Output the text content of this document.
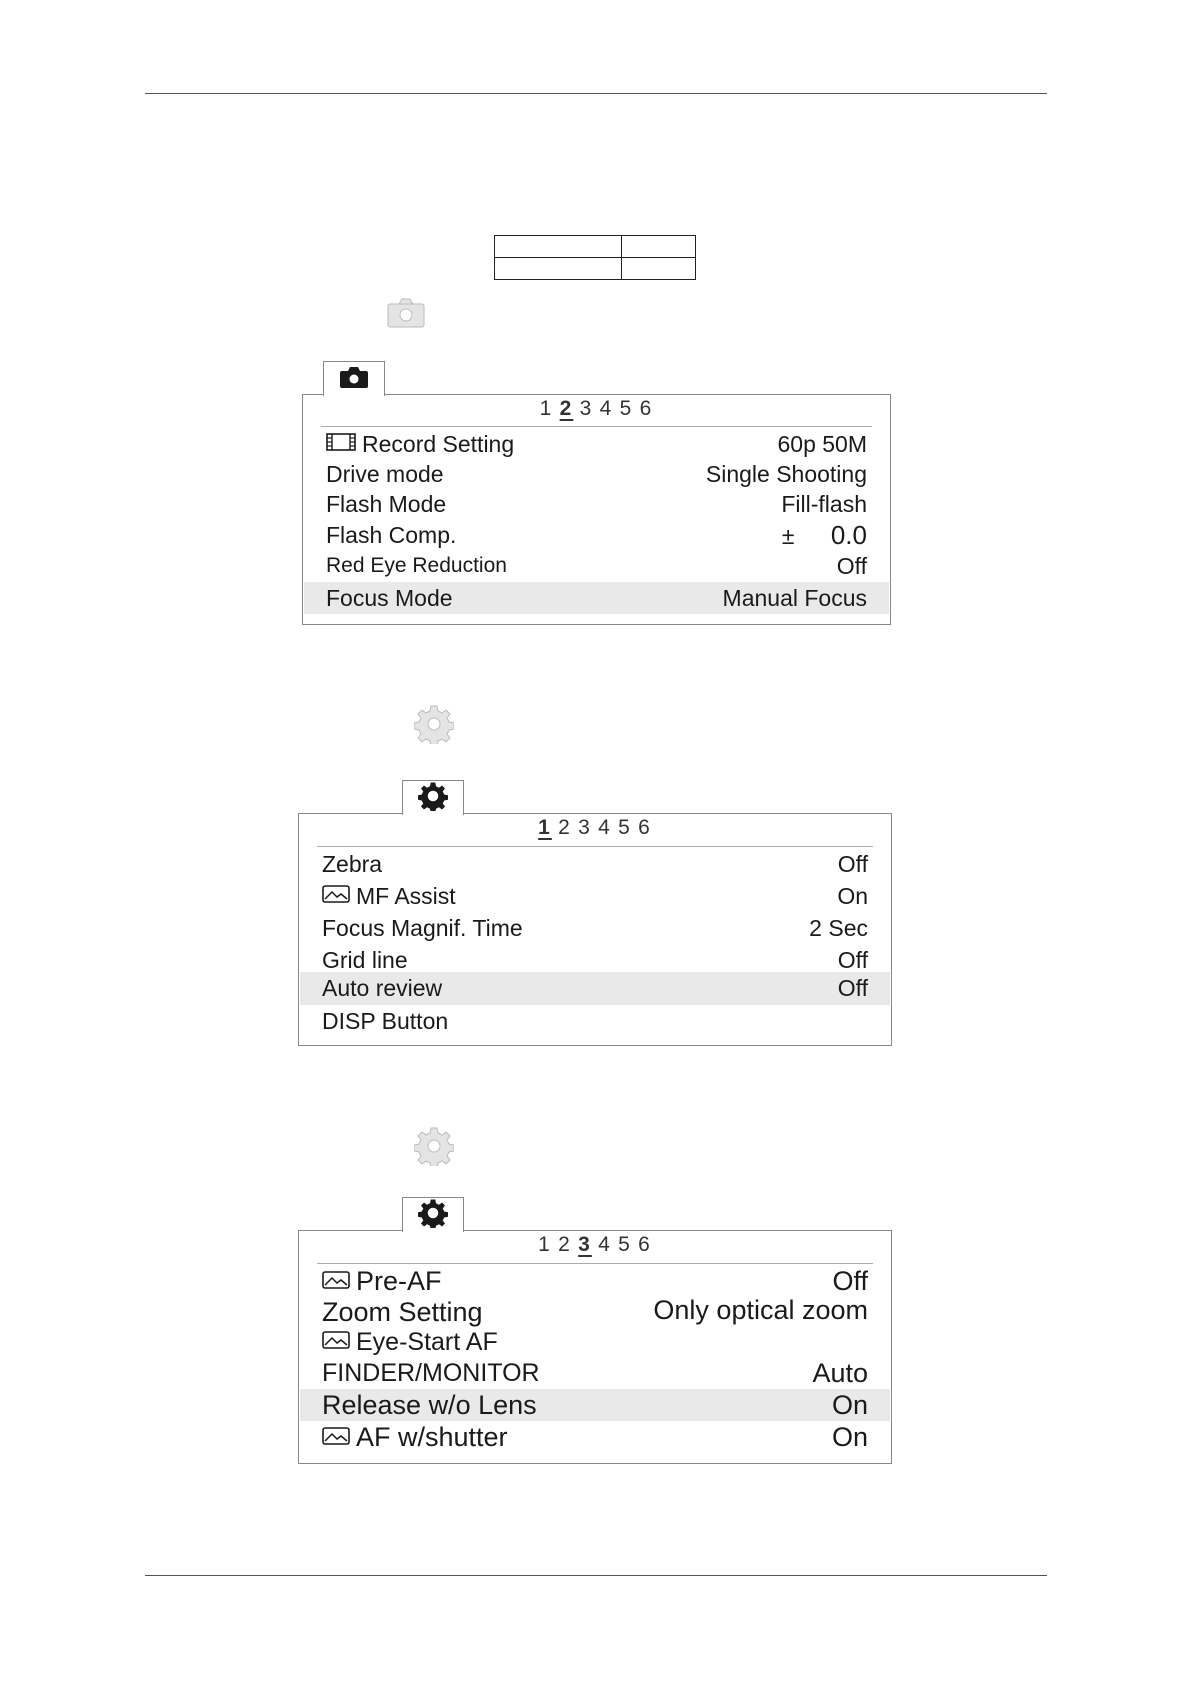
1 2 3 4 5 6
Record Setting	60p 50M
Drive mode	Single Shooting
Flash Mode	Fill-flash
Flash Comp.	± 0.0
Red Eye Reduction	Off
Focus Mode	Manual Focus
1 2 3 4 5 6
Zebra	Off
MF Assist	On
Focus Magnif. Time	2 Sec
Grid line	Off
Auto review	Off
DISP Button
1 2 3 4 5 6
Pre-AF	Off
Zoom Setting	Only optical zoom
Eye-Start AF
FINDER/MONITOR	Auto
Release w/o Lens	On
AF w/shutter	On
